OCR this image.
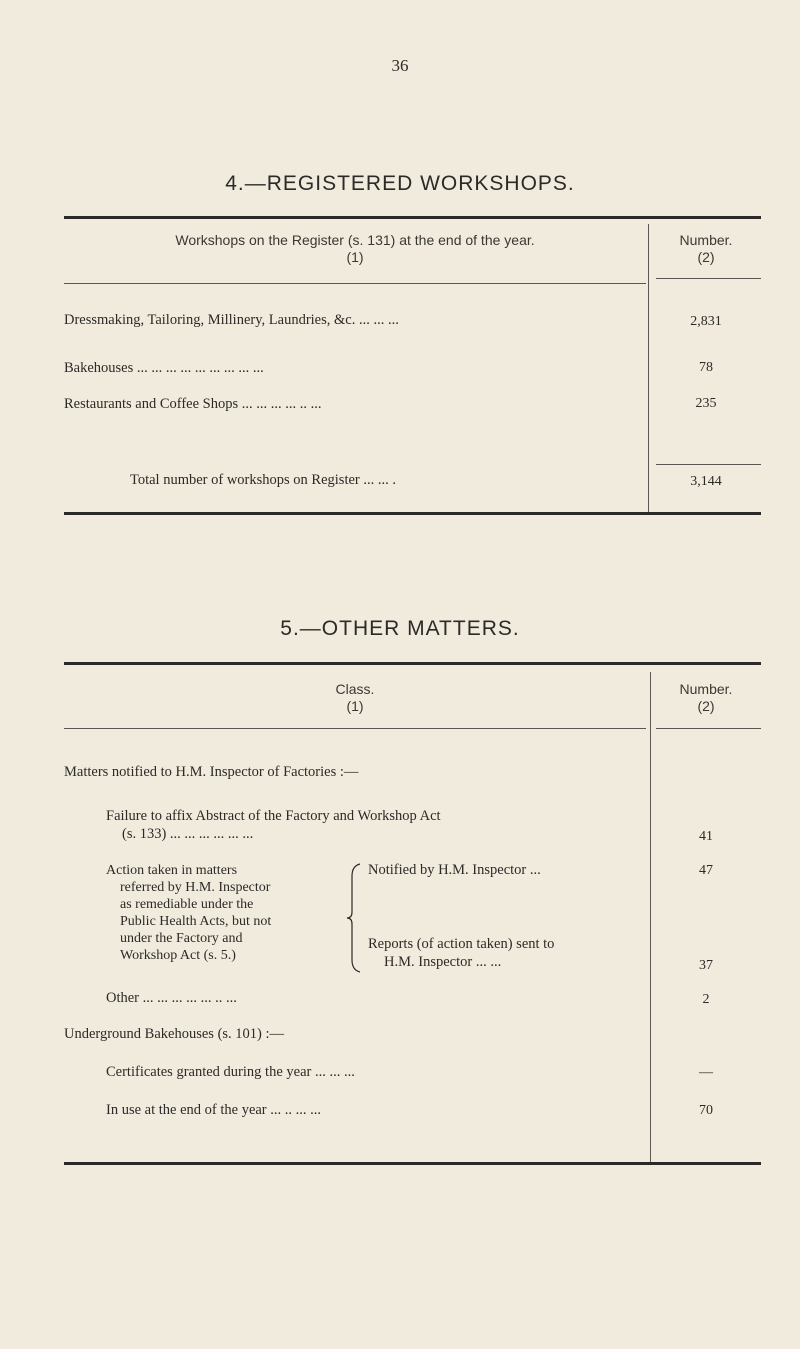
36
4.—REGISTERED WORKSHOPS.
Workshops on the Register (s. 131) at the end of the year.
(1)
Number.
(2)
Dressmaking, Tailoring, Millinery, Laundries, &c. ... ... ...	2,831
Bakehouses ... ... ... ... ... ... ... ... ...	78
Restaurants and Coffee Shops ... ... ... ... .. ...	235
Total number of workshops on Register ... ... .	3,144
5.—OTHER MATTERS.
Class.
(1)
Number.
(2)
Matters notified to H.M. Inspector of Factories :—
Failure to affix Abstract of the Factory and Workshop Act
(s. 133) ... ... ... ... ... ...	41
Action taken in matters
referred by H.M. Inspector
as remediable under the
Public Health Acts, but not
under the Factory and
Workshop Act (s. 5.)
Notified by H.M. Inspector ...	47
Reports (of action taken) sent to
H.M. Inspector ... ...	37
Other ... ... ... ... ... .. ...	2
Underground Bakehouses (s. 101) :—
Certificates granted during the year ... ... ...	—
In use at the end of the year ... .. ... ...	70
